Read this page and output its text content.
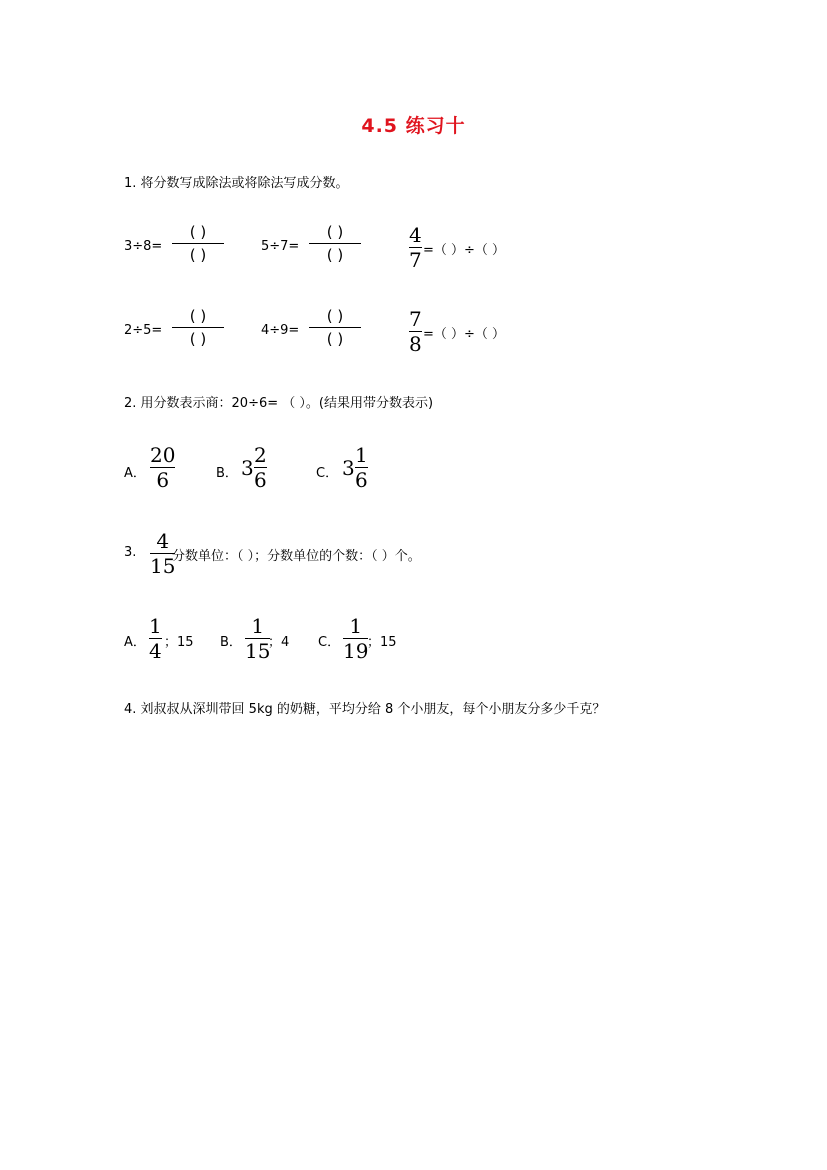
4.5 练习十
1. 将分数写成除法或将除法写成分数。
3÷8=
( )
( )	5÷7=
( )
( )
4
7 =（ ）÷（ ）
2÷5=
( )
( )	4÷9=
( )
( )
7
8 =（ ）÷（ ）
2. 用分数表示商：20÷6= （ ）。(结果用带分数表示)
A．
20
6	B． 3
2
6	C． 3
1
6
3. 4
15
分数单位：（ ）；分数单位的个数：（ ）个。
A．
1
4 ；15 B．
1
15
；4 C．
1
19
；15
4. 刘叔叔从深圳带回 5kg 的奶糖，平均分给 8 个小朋友，每个小朋友分多少千克？
